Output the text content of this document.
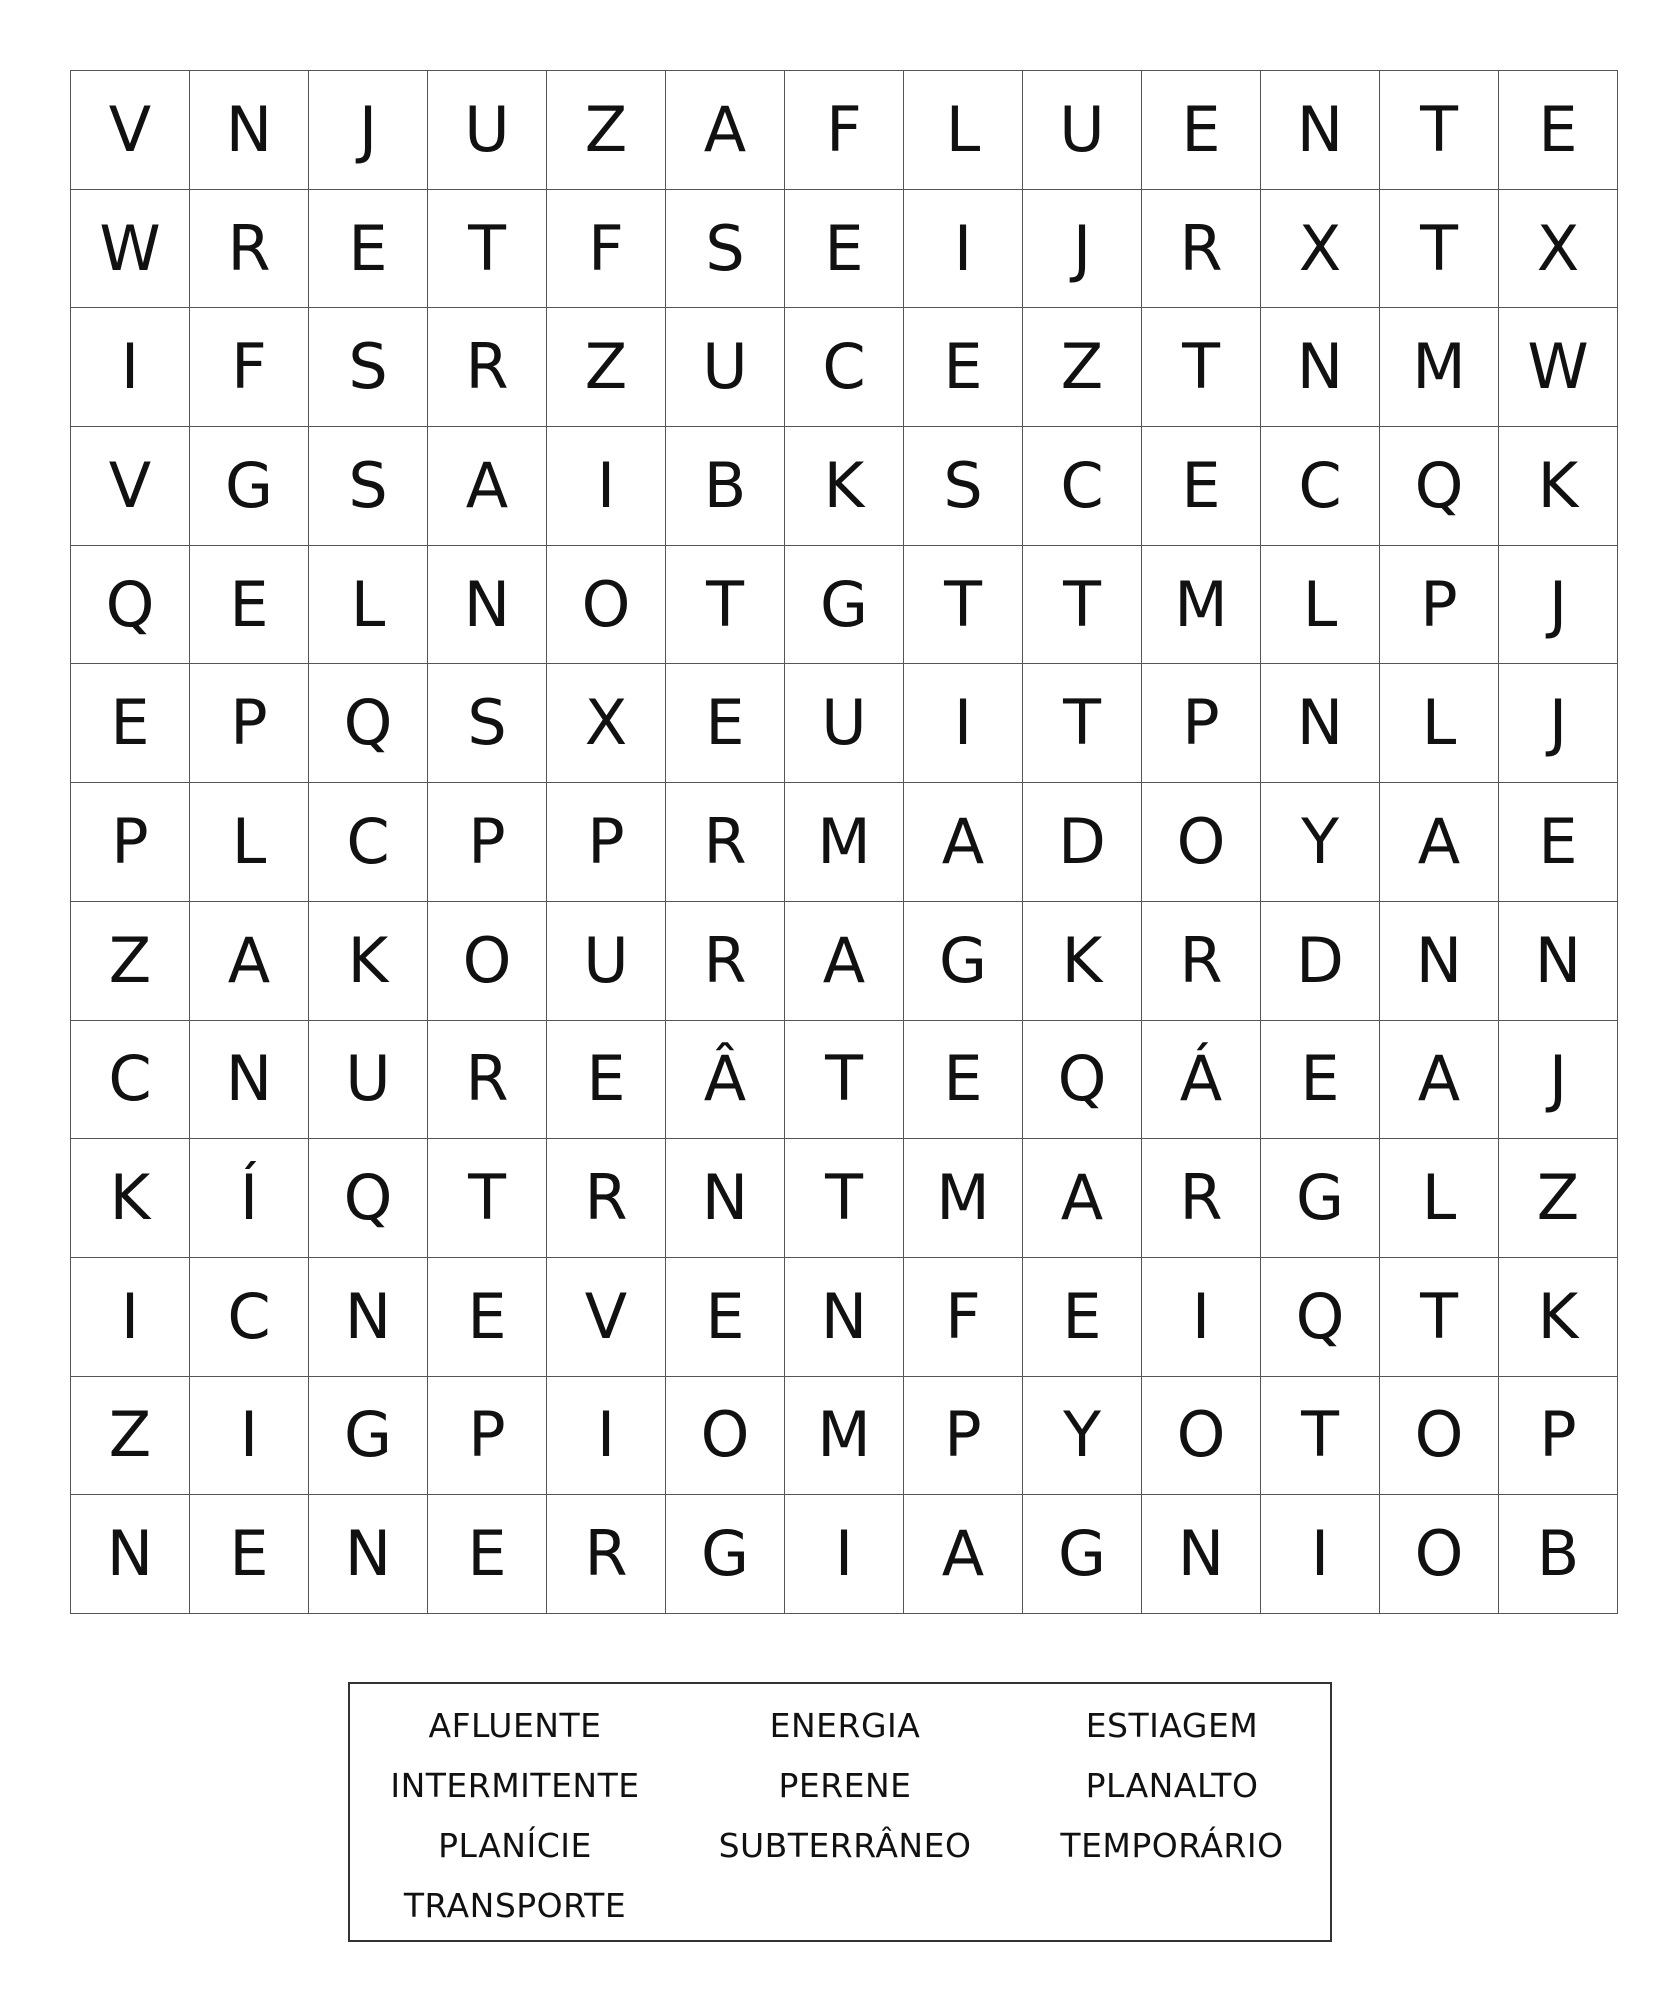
V	N	J	U	Z	A	F	L	U	E	N	T	E
W	R	E	T	F	S	E	I	J	R	X	T	X
I	F	S	R	Z	U	C	E	Z	T	N	M	W
V	G	S	A	I	B	K	S	C	E	C	Q	K
Q	E	L	N	O	T	G	T	T	M	L	P	J
E	P	Q	S	X	E	U	I	T	P	N	L	J
P	L	C	P	P	R	M	A	D	O	Y	A	E
Z	A	K	O	U	R	A	G	K	R	D	N	N
C	N	U	R	E	Â	T	E	Q	Á	E	A	J
K	Í	Q	T	R	N	T	M	A	R	G	L	Z
I	C	N	E	V	E	N	F	E	I	Q	T	K
Z	I	G	P	I	O	M	P	Y	O	T	O	P
N	E	N	E	R	G	I	A	G	N	I	O	B
AFLUENTE	ENERGIA	ESTIAGEM
INTERMITENTE	PERENE	PLANALTO
PLANÍCIE	SUBTERRÂNEO	TEMPORÁRIO
TRANSPORTE
